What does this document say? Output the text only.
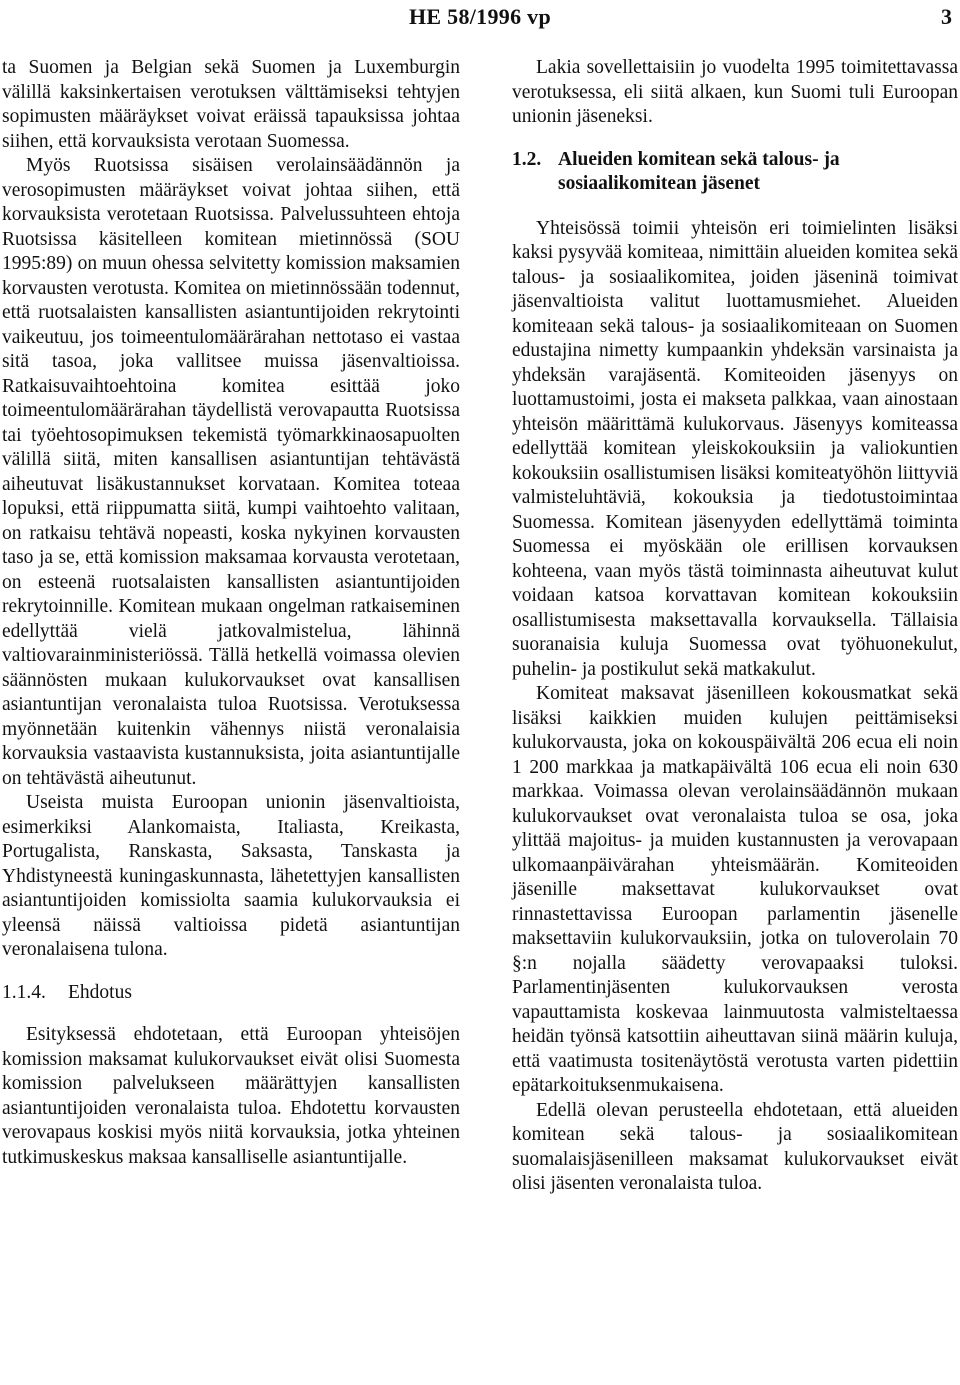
HE 58/1996 vp	3

ta Suomen ja Belgian sekä Suomen ja Luxemburgin välillä kaksinkertaisen verotuksen välttämiseksi tehtyjen sopimusten määräykset voivat eräissä tapauksissa johtaa siihen, että korvauksista verotaan Suomessa.

Myös Ruotsissa sisäisen verolainsäädännön ja verosopimusten määräykset voivat johtaa siihen, että korvauksista verotetaan Ruotsissa. Palvelussuhteen ehtoja Ruotsissa käsitelleen komitean mietinnössä (SOU 1995:89) on muun ohessa selvitetty komission maksamien korvausten verotusta. Komitea on mietinnössään todennut, että ruotsalaisten kansallisten asiantuntijoiden rekrytointi vaikeutuu, jos toimeentulomäärärahan nettotaso ei vastaa sitä tasoa, joka vallitsee muissa jäsenvaltioissa. Ratkaisuvaihtoehtoina komitea esittää joko toimeentulomäärärahan täydellistä verovapautta Ruotsissa tai työehtosopimuksen tekemistä työmarkkinaosapuolten välillä siitä, miten kansallisen asiantuntijan tehtävästä aiheutuvat lisäkustannukset korvataan. Komitea toteaa lopuksi, että riippumatta siitä, kumpi vaihtoehto valitaan, on ratkaisu tehtävä nopeasti, koska nykyinen korvausten taso ja se, että komission maksamaa korvausta verotetaan, on esteenä ruotsalaisten kansallisten asiantuntijoiden rekrytoinnille. Komitean mukaan ongelman ratkaiseminen edellyttää vielä jatkovalmistelua, lähinnä valtiovarainministeriössä. Tällä hetkellä voimassa olevien säännösten mukaan kulukorvaukset ovat kansallisen asiantuntijan veronalaista tuloa Ruotsissa. Verotuksessa myönnetään kuitenkin vähennys niistä veronalaisia korvauksia vastaavista kustannuksista, joita asiantuntijalle on tehtävästä aiheutunut.

Useista muista Euroopan unionin jäsenvaltioista, esimerkiksi Alankomaista, Italiasta, Kreikasta, Portugalista, Ranskasta, Saksasta, Tanskasta ja Yhdistyneestä kuningaskunnasta, lähetettyjen kansallisten asiantuntijoiden komissiolta saamia kulukorvauksia ei yleensä näissä valtioissa pidetä asiantuntijan veronalaisena tulona.

1.1.4. Ehdotus

Esityksessä ehdotetaan, että Euroopan yhteisöjen komission maksamat kulukorvaukset eivät olisi Suomesta komission palvelukseen määrättyjen kansallisten asiantuntijoiden veronalaista tuloa. Ehdotettu korvausten verovapaus koskisi myös niitä korvauksia, jotka yhteinen tutkimuskeskus maksaa kansalliselle asiantuntijalle.

Lakia sovellettaisiin jo vuodelta 1995 toimitettavassa verotuksessa, eli siitä alkaen, kun Suomi tuli Euroopan unionin jäseneksi.

1.2. Alueiden komitean sekä talous- ja sosiaalikomitean jäsenet

Yhteisössä toimii yhteisön eri toimielinten lisäksi kaksi pysyvää komiteaa, nimittäin alueiden komitea sekä talous- ja sosiaalikomitea, joiden jäseninä toimivat jäsenvaltioista valitut luottamusmiehet. Alueiden komiteaan sekä talous- ja sosiaalikomiteaan on Suomen edustajina nimetty kumpaankin yhdeksän varsinaista ja yhdeksän varajäsentä. Komiteoiden jäsenyys on luottamustoimi, josta ei makseta palkkaa, vaan ainostaan yhteisön määrittämä kulukorvaus. Jäsenyys komiteassa edellyttää komitean yleiskokouksiin ja valiokuntien kokouksiin osallistumisen lisäksi komiteatyöhön liittyviä valmisteluhtäviä, kokouksia ja tiedotustoimintaa Suomessa. Komitean jäsenyyden edellyttämä toiminta Suomessa ei myöskään ole erillisen korvauksen kohteena, vaan myös tästä toiminnasta aiheutuvat kulut voidaan katsoa korvattavan komitean kokouksiin osallistumisesta maksettavalla korvauksella. Tällaisia suoranaisia kuluja Suomessa ovat työhuonekulut, puhelin- ja postikulut sekä matkakulut.

Komiteat maksavat jäsenilleen kokousmatkat sekä lisäksi kaikkien muiden kulujen peittämiseksi kulukorvausta, joka on kokouspäivältä 206 ecua eli noin 1 200 markkaa ja matkapäivältä 106 ecua eli noin 630 markkaa. Voimassa olevan verolainsäädännön mukaan kulukorvaukset ovat veronalaista tuloa se osa, joka ylittää majoitus- ja muiden kustannusten ja verovapaan ulkomaanpäivärahan yhteismäärän. Komiteoiden jäsenille maksettavat kulukorvaukset ovat rinnastettavissa Euroopan parlamentin jäsenelle maksettaviin kulukorvauksiin, jotka on tuloverolain 70 §:n nojalla säädetty verovapaaksi tuloksi. Parlamentinjäsenten kulukorvauksen verosta vapauttamista koskevaa lainmuutosta valmisteltaessa heidän työnsä katsottiin aiheuttavan siinä määrin kuluja, että vaatimusta tositenäytöstä verotusta varten pidettiin epätarkoituksenmukaisena.

Edellä olevan perusteella ehdotetaan, että alueiden komitean sekä talous- ja sosiaalikomitean suomalaisjäsenilleen maksamat kulukorvaukset eivät olisi jäsenten veronalaista tuloa.
